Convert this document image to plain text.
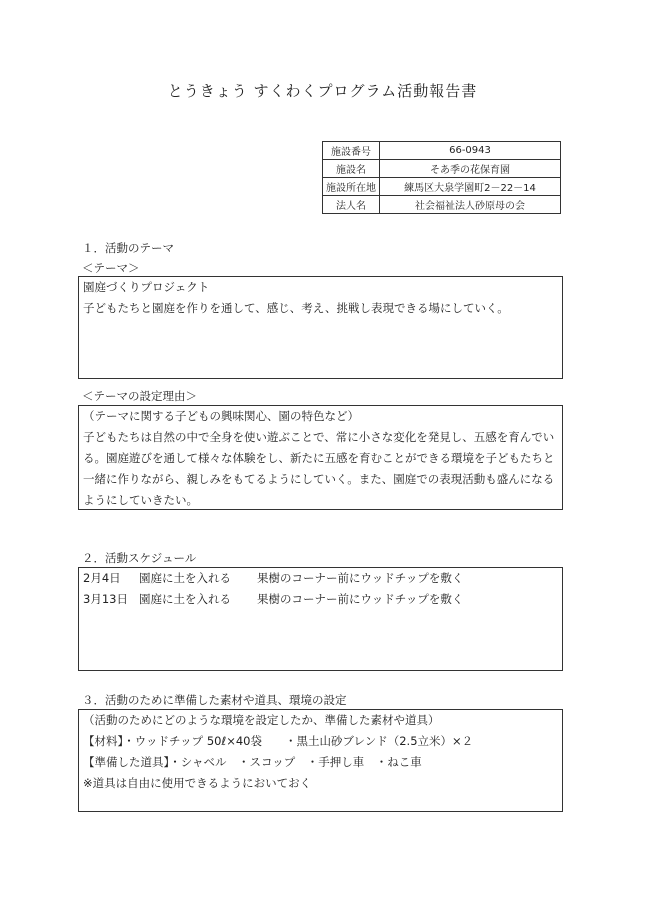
とうきょう すくわくプログラム活動報告書
施設番号	66-0943
施設名	そあ季の花保育園
施設所在地	練馬区大泉学園町2－22－14
法人名	社会福祉法人砂原母の会
１．活動のテーマ
＜テーマ＞
園庭づくりプロジェクト
子どもたちと園庭を作りを通して、感じ、考え、挑戦し表現できる場にしていく。
＜テーマの設定理由＞
（テーマに関する子どもの興味関心、園の特色など）
子どもたちは自然の中で全身を使い遊ぶことで、常に小さな変化を発見し、五感を育んでい
る。園庭遊びを通して様々な体験をし、新たに五感を育むことができる環境を子どもたちと
一緒に作りながら、親しみをもてるようにしていく。また、園庭での表現活動も盛んになる
ようにしていきたい。
２．活動スケジュール
2月4日 園庭に土を入れる 果樹のコーナー前にウッドチップを敷く
3月13日 園庭に土を入れる 果樹のコーナー前にウッドチップを敷く
３．活動のために準備した素材や道具、環境の設定
（活動のためにどのような環境を設定したか、準備した素材や道具）
【材料】・ウッドチップ 50ℓ×40袋　　・黒土山砂ブレンド（2.5立米）×２
【準備した道具】・シャベル　・スコップ　・手押し車　・ねこ車
※道具は自由に使用できるようにおいておく
